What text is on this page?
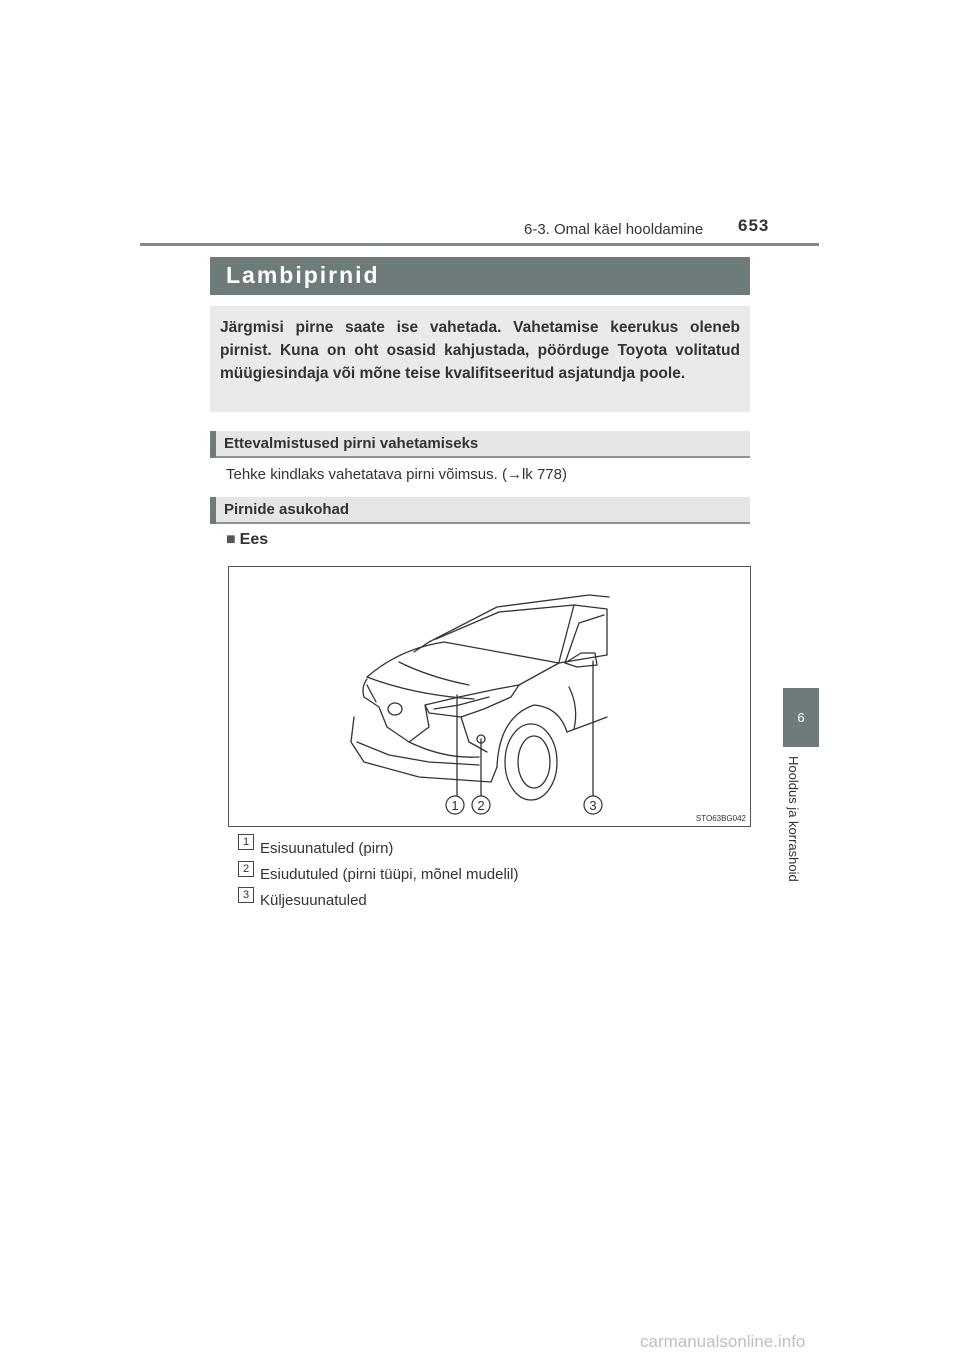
6-3. Omal käel hooldamine 653
6
Hooldus ja korrashoid
Lambipirnid
Järgmisi pirne saate ise vahetada. Vahetamise keerukus oleneb pirnist. Kuna on oht osasid kahjustada, pöörduge Toyota volitatud müügiesindaja või mõne teise kvalifitseeritud asjatundja poole.
Ettevalmistused pirni vahetamiseks
Tehke kindlaks vahetatava pirni võimsus. (→lk 778)
Pirnide asukohad
■ Ees
1 2	3
STO63BG042
1 Esisuunatuled (pirn)
2 Esiudutuled (pirni tüüpi, mõnel mudelil)
3 Küljesuunatuled
carmanualsonline.info
